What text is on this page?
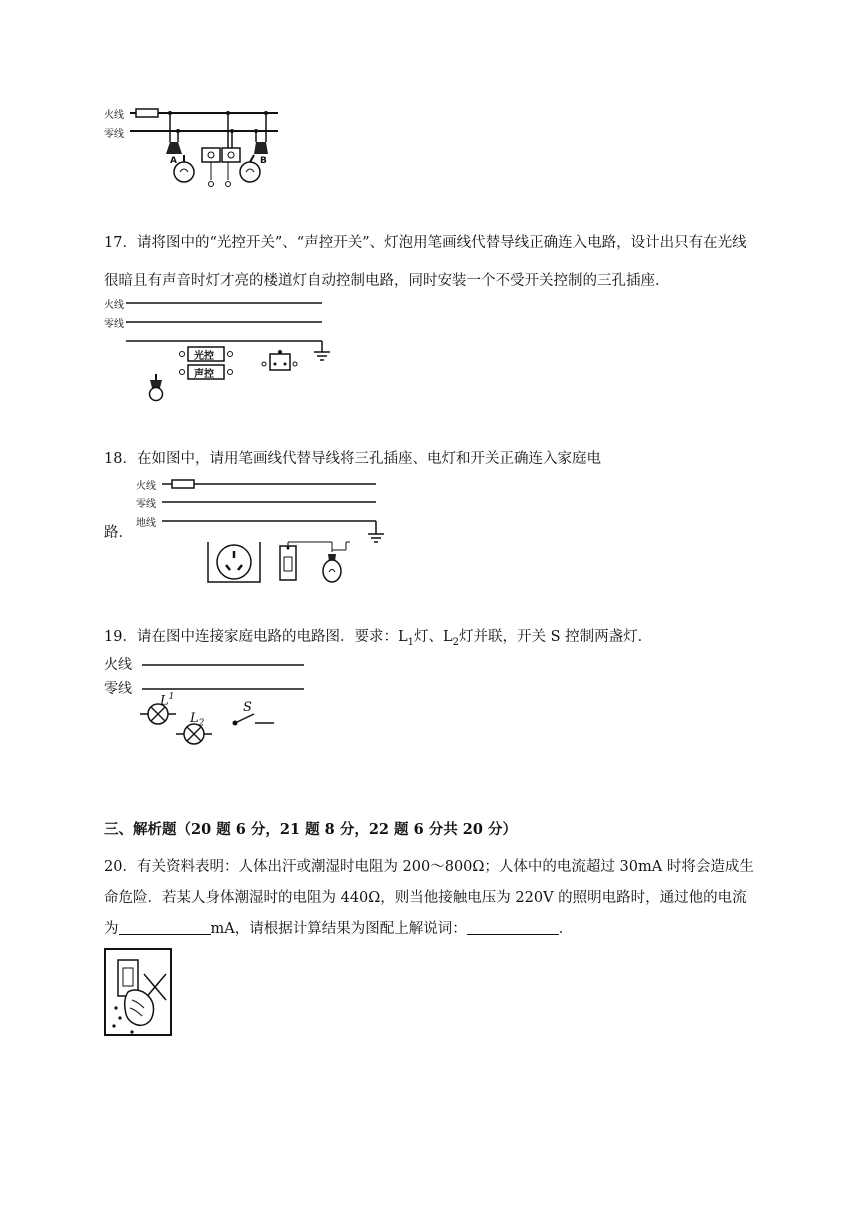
火线
零线
A	B
17．请将图中的“光控开关”、“声控开关”、灯泡用笔画线代替导线正确连入电路，设计出只有在光线
很暗且有声音时灯才亮的楼道灯自动控制电路，同时安装一个不受开关控制的三孔插座．
火线
零线
光控
声控
18．在如图中，请用笔画线代替导线将三孔插座、电灯和开关正确连入家庭电
火线
零线
地线
路．
19．请在图中连接家庭电路的电路图．要求：$L_1$灯、$L_2$灯并联，开关 S 控制两盏灯．
火线
零线
$L^1$
$L_2$
S
三、解析题（20 题 6 分，21 题 8 分，22 题 6 分共 20 分）
20．有关资料表明：人体出汗或潮湿时电阻为 200～800Ω；人体中的电流超过 30mA 时将会造成生
命危险．若某人身体潮湿时的电阻为 440Ω，则当他接触电压为 220V 的照明电路时，通过他的电流
为	mA，请根据计算结果为图配上解说词：	．
